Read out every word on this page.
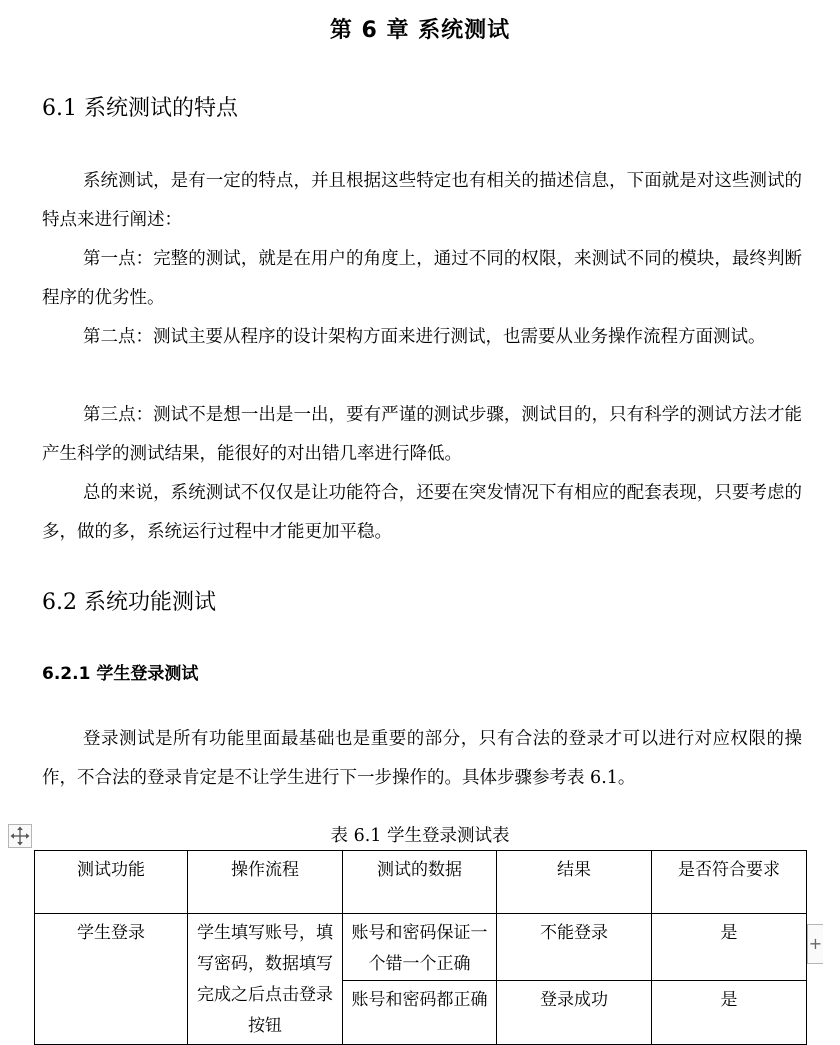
第 6 章 系统测试
6.1 系统测试的特点
系统测试，是有一定的特点，并且根据这些特定也有相关的描述信息，下面就是对这些测试的特点来进行阐述：
第一点：完整的测试，就是在用户的角度上，通过不同的权限，来测试不同的模块，最终判断程序的优劣性。
第二点：测试主要从程序的设计架构方面来进行测试，也需要从业务操作流程方面测试。
第三点：测试不是想一出是一出，要有严谨的测试步骤，测试目的，只有科学的测试方法才能产生科学的测试结果，能很好的对出错几率进行降低。
总的来说，系统测试不仅仅是让功能符合，还要在突发情况下有相应的配套表现，只要考虑的多，做的多，系统运行过程中才能更加平稳。
6.2 系统功能测试
6.2.1 学生登录测试
登录测试是所有功能里面最基础也是重要的部分，只有合法的登录才可以进行对应权限的操作，不合法的登录肯定是不让学生进行下一步操作的。具体步骤参考表 6.1。
表 6.1 学生登录测试表
测试功能	操作流程	测试的数据	结果	是否符合要求
学生登录	学生填写账号，填写密码，数据填写完成之后点击登录按钮	账号和密码保证一个错一个正确	不能登录	是
		账号和密码都正确	登录成功	是
+
